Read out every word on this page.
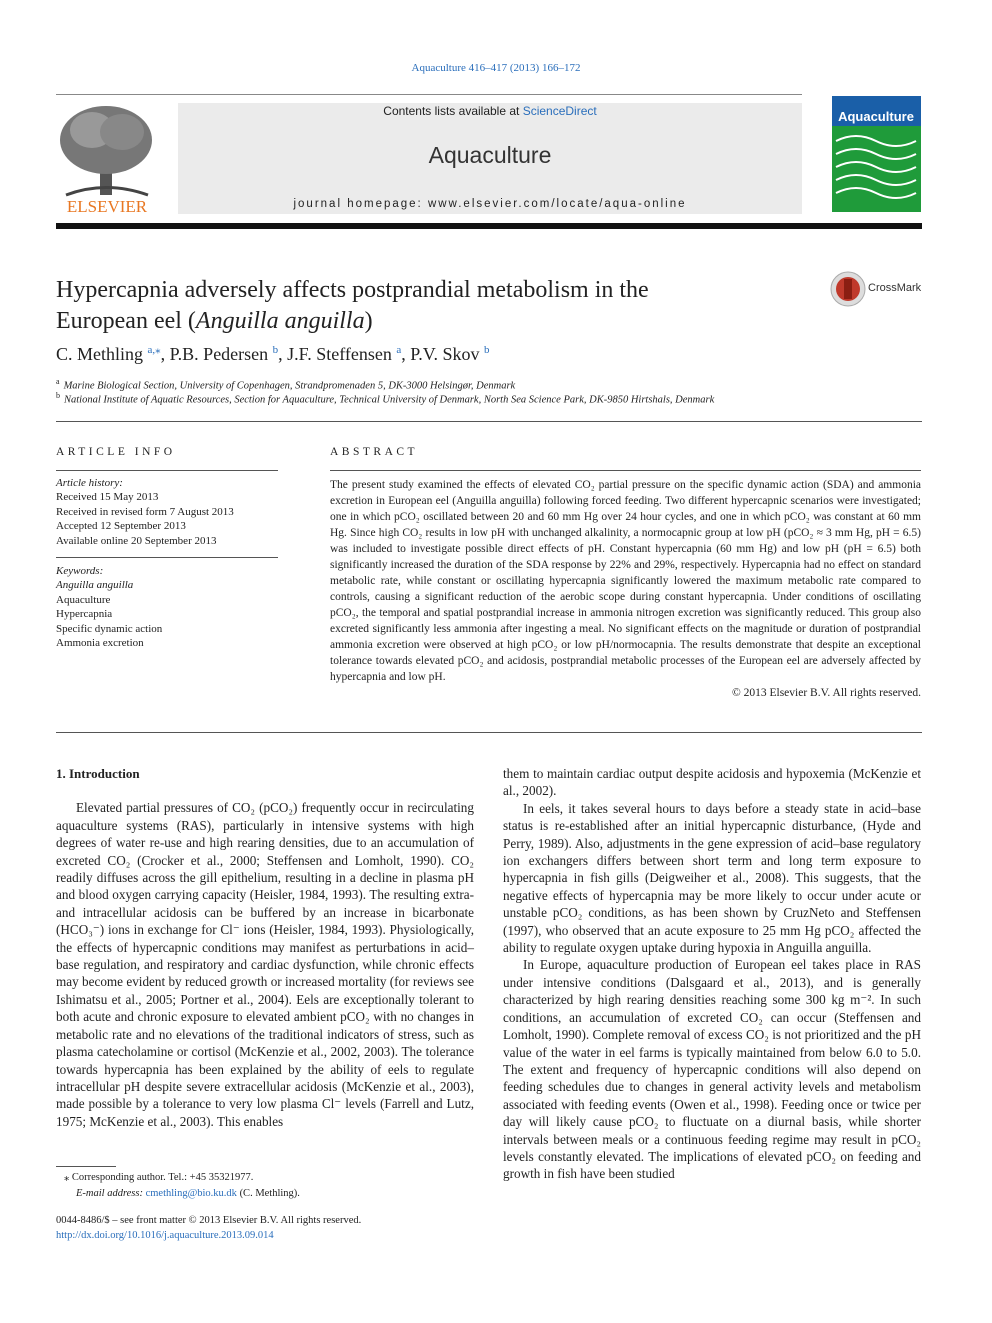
Aquaculture 416–417 (2013) 166–172
ELSEVIER
Contents lists available at ScienceDirect
Aquaculture
journal homepage: www.elsevier.com/locate/aqua-online
Aquaculture
Hypercapnia adversely affects postprandial metabolism in the
European eel (Anguilla anguilla)
CrossMark
C. Methling $^{a,⁎}$, P.B. Pedersen $^b$, J.F. Steffensen $^a$, P.V. Skov $^b$
$^a$ Marine Biological Section, University of Copenhagen, Strandpromenaden 5, DK-3000 Helsingør, Denmark
$^b$ National Institute of Aquatic Resources, Section for Aquaculture, Technical University of Denmark, North Sea Science Park, DK-9850 Hirtshals, Denmark
ARTICLE INFO	ABSTRACT
Article history:
Received 15 May 2013
Received in revised form 7 August 2013
Accepted 12 September 2013
Available online 20 September 2013
Keywords:
Anguilla anguilla
Aquaculture
Hypercapnia
Specific dynamic action
Ammonia excretion
The present study examined the effects of elevated CO₂ partial pressure on the specific dynamic action (SDA) and ammonia excretion in European eel (Anguilla anguilla) following forced feeding. Two different hypercapnic scenarios were investigated; one in which pCO₂ oscillated between 20 and 60 mm Hg over 24 hour cycles, and one in which pCO₂ was constant at 60 mm Hg. Since high CO₂ results in low pH with unchanged alkalinity, a normocapnic group at low pH (pCO₂ ≈ 3 mm Hg, pH = 6.5) was included to investigate possible direct effects of pH. Constant hypercapnia (60 mm Hg) and low pH (pH = 6.5) both significantly increased the duration of the SDA response by 22% and 29%, respectively. Hypercapnia had no effect on standard metabolic rate, while constant or oscillating hypercapnia significantly lowered the maximum metabolic rate compared to controls, causing a significant reduction of the aerobic scope during constant hypercapnia. Under conditions of oscillating pCO₂, the temporal and spatial postprandial increase in ammonia nitrogen excretion was significantly reduced. This group also excreted significantly less ammonia after ingesting a meal. No significant effects on the magnitude or duration of postprandial ammonia excretion were observed at high pCO₂ or low pH/normocapnia. The results demonstrate that despite an exceptional tolerance towards elevated pCO₂ and acidosis, postprandial metabolic processes of the European eel are adversely affected by hypercapnia and low pH.
© 2013 Elsevier B.V. All rights reserved.

1. Introduction

Elevated partial pressures of CO₂ (pCO₂) frequently occur in recirculating aquaculture systems (RAS), particularly in intensive systems with high degrees of water re-use and high rearing densities, due to an accumulation of excreted CO₂ (Crocker et al., 2000; Steffensen and Lomholt, 1990). CO₂ readily diffuses across the gill epithelium, resulting in a decline in plasma pH and blood oxygen carrying capacity (Heisler, 1984, 1993). The resulting extra- and intracellular acidosis can be buffered by an increase in bicarbonate (HCO₃⁻) ions in exchange for Cl⁻ ions (Heisler, 1984, 1993). Physiologically, the effects of hypercapnic conditions may manifest as perturbations in acid–base regulation, and respiratory and cardiac dysfunction, while chronic effects may become evident by reduced growth or increased mortality (for reviews see Ishimatsu et al., 2005; Portner et al., 2004). Eels are exceptionally tolerant to both acute and chronic exposure to elevated ambient pCO₂ with no changes in metabolic rate and no elevations of the traditional indicators of stress, such as plasma catecholamine or cortisol (McKenzie et al., 2002, 2003). The tolerance towards hypercapnia has been explained by the ability of eels to regulate intracellular pH despite severe extracellular acidosis (McKenzie et al., 2003), made possible by a tolerance to very low plasma Cl⁻ levels (Farrell and Lutz, 1975; McKenzie et al., 2003). This enables

them to maintain cardiac output despite acidosis and hypoxemia (McKenzie et al., 2002).

In eels, it takes several hours to days before a steady state in acid–base status is re-established after an initial hypercapnic disturbance, (Hyde and Perry, 1989). Also, adjustments in the gene expression of acid–base regulatory ion exchangers differs between short term and long term exposure to hypercapnia in fish gills (Deigweiher et al., 2008). This suggests, that the negative effects of hypercapnia may be more likely to occur under acute or unstable pCO₂ conditions, as has been shown by CruzNeto and Steffensen (1997), who observed that an acute exposure to 25 mm Hg pCO₂ affected the ability to regulate oxygen uptake during hypoxia in Anguilla anguilla.

In Europe, aquaculture production of European eel takes place in RAS under intensive conditions (Dalsgaard et al., 2013), and is generally characterized by high rearing densities reaching some 300 kg m⁻². In such conditions, an accumulation of excreted CO₂ can occur (Steffensen and Lomholt, 1990). Complete removal of excess CO₂ is not prioritized and the pH value of the water in eel farms is typically maintained from below 6.0 to 5.0. The extent and frequency of hypercapnic conditions will also depend on feeding schedules due to changes in general activity levels and metabolism associated with feeding events (Owen et al., 1998). Feeding once or twice per day will likely cause pCO₂ to fluctuate on a diurnal basis, while shorter intervals between meals or a continuous feeding regime may result in pCO₂ levels constantly elevated. The implications of elevated pCO₂ on feeding and growth in fish have been studied

⁎ Corresponding author. Tel.: +45 35321977.
E-mail address: cmethling@bio.ku.dk (C. Methling).
0044-8486/$ – see front matter © 2013 Elsevier B.V. All rights reserved.
http://dx.doi.org/10.1016/j.aquaculture.2013.09.014
